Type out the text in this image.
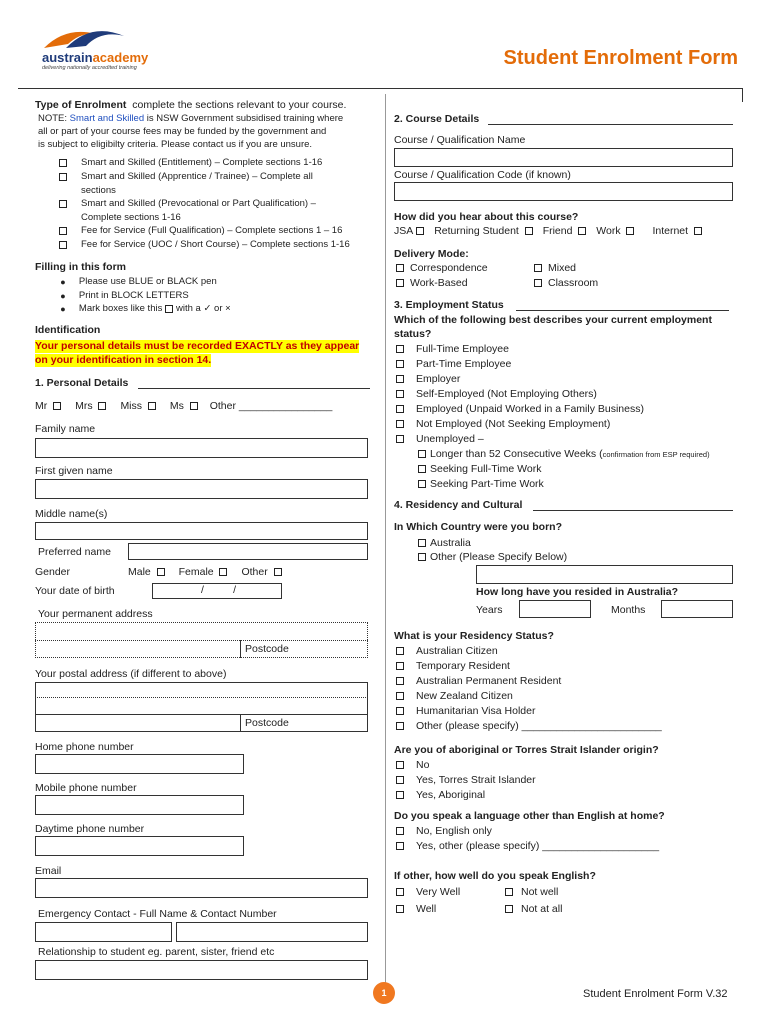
austrainacademy
delivering nationally accredited training	Student Enrolment Form
Type of Enrolment complete the sections relevant to your course.
NOTE: Smart and Skilled is NSW Government subsidised training where
all or part of your course fees may be funded by the government and
is subject to eligibilty criteria. Please contact us if you are unsure.
Smart and Skilled (Entitlement) – Complete sections 1-16
Smart and Skilled (Apprentice / Trainee) – Complete all
sections
Smart and Skilled (Prevocational or Part Qualification) –
Complete sections 1-16
Fee for Service (Full Qualification) – Complete sections 1 – 16
Fee for Service (UOC / Short Course) – Complete sections 1-16
Filling in this form
●
	Please use BLUE or BLACK pen
●
	Print in BLOCK LETTERS
●
	Mark boxes like this
with a ✓ or ×
Identification
Your personal details must be recorded EXACTLY as they appear
on your identification in section 14.
1. Personal Details
Mr
	Mrs
	Miss
	Ms
Other ________________
Family name
First given name
Middle name(s)
Preferred name
Gender	Male
	Female
	Other

Your date of birth	/          /
Your permanent address
Postcode
Your postal address (if different to above)
Postcode
Home phone number
Mobile phone number
Daytime phone number
Email
Emergency Contact - Full Name & Contact Number
Relationship to student eg. parent, sister, friend etc
2. Course Details
Course / Qualification Name
Course / Qualification Code (if known)
How did you hear about this course?
JSA
Returning Student
Friend
Work
	Internet

Delivery Mode:
Correspondence	Mixed
Work-Based	Classroom
3. Employment Status
Which of the following best describes your current employment
status?
Full-Time Employee
Part-Time Employee
Employer
Self-Employed (Not Employing Others)
Employed (Unpaid Worked in a Family Business)
Not Employed (Not Seeking Employment)
Unemployed –
Longer than 52 Consecutive Weeks ( confirmation from ESP required)
Seeking Full-Time Work
Seeking Part-Time Work
4. Residency and Cultural
In Which Country were you born?
Australia
Other (Please Specify Below)
How long have you resided in Australia?
Years	Months
What is your Residency Status?
Australian Citizen
Temporary Resident
Australian Permanent Resident
New Zealand Citizen
Humanitarian Visa Holder
Other (please specify) ________________________
Are you of aboriginal or Torres Strait Islander origin?
No
Yes, Torres Strait Islander
Yes, Aboriginal
Do you speak a language other than English at home?
No, English only
Yes, other (please specify) ____________________
If other, how well do you speak English?
Very Well	Not well
Well	Not at all
1	Student Enrolment Form V.32
